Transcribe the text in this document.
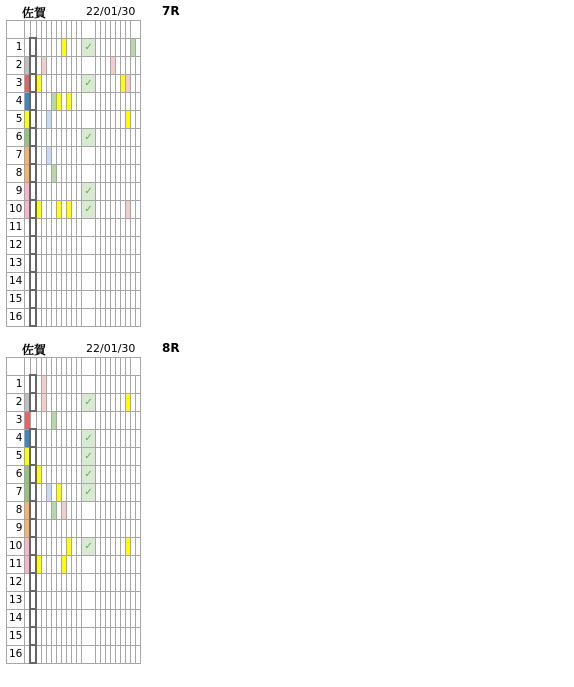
佐賀	22/01/30 7R

1												✓									
2																					
3												✓									
4																					
5																					
6												✓									
7																					
8																					
9												✓									
10												✓									
11																					
12																					
13																					
14																					
15																					
16																					
佐賀	22/01/30 8R

1																					
2												✓									
3																					
4												✓									
5												✓									
6												✓									
7												✓									
8																					
9																					
10												✓									
11																					
12																					
13																					
14																					
15																					
16																					
